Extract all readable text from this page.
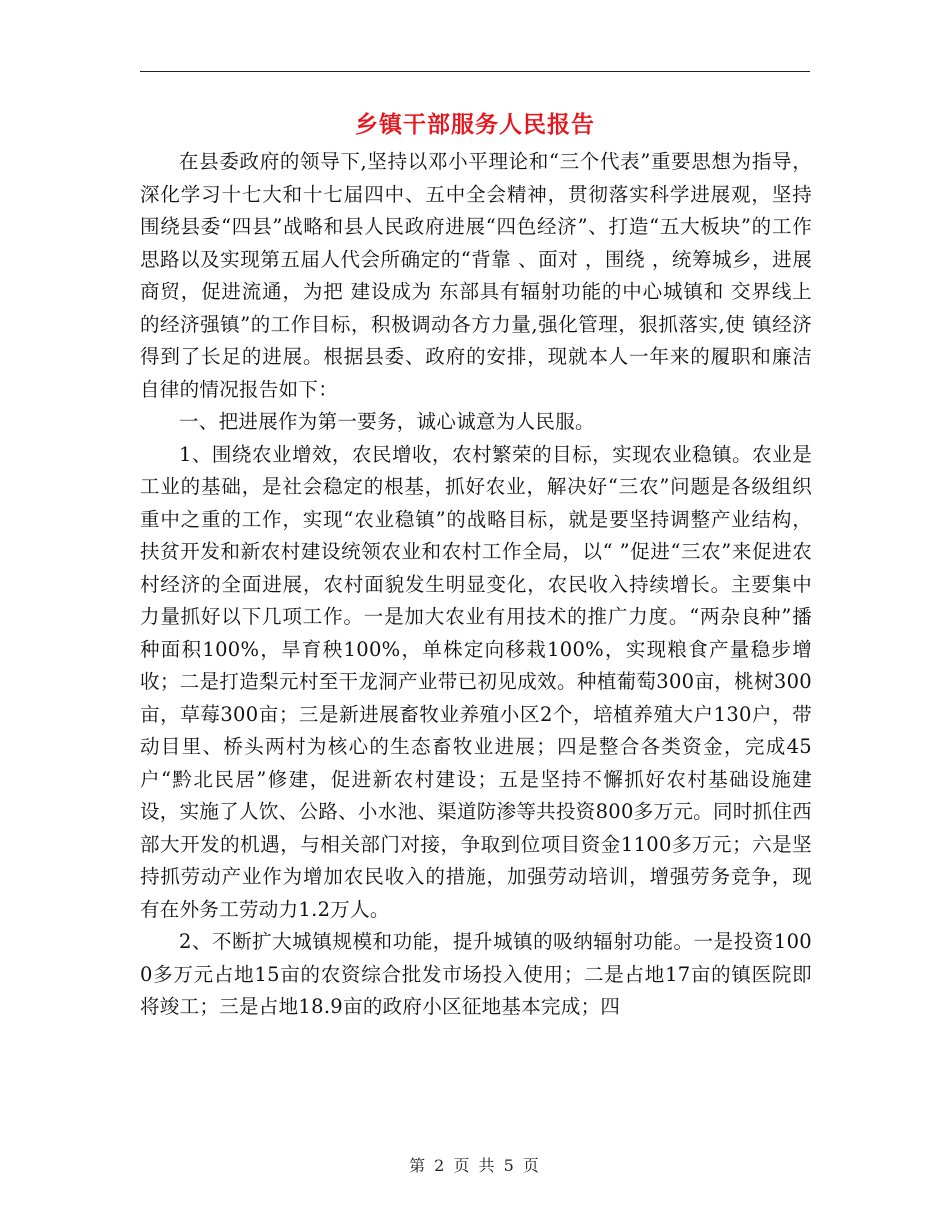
乡镇干部服务人民报告

在县委政府的领导下,坚持以邓小平理论和“三个代表”重要思想为指导，深化学习十七大和十七届四中、五中全会精神，贯彻落实科学进展观，坚持围绕县委“四县”战略和县人民政府进展“四色经济”、打造“五大板块”的工作思路以及实现第五届人代会所确定的“背靠 、面对 ，围绕 ，统筹城乡，进展商贸，促进流通，为把 建设成为 东部具有辐射功能的中心城镇和 交界线上的经济强镇”的工作目标，积极调动各方力量,强化管理，狠抓落实,使 镇经济得到了长足的进展。根据县委、政府的安排，现就本人一年来的履职和廉洁自律的情况报告如下：

一、把进展作为第一要务，诚心诚意为人民服。

1、围绕农业增效，农民增收，农村繁荣的目标，实现农业稳镇。农业是工业的基础，是社会稳定的根基，抓好农业，解决好“三农”问题是各级组织重中之重的工作，实现“农业稳镇”的战略目标，就是要坚持调整产业结构，扶贫开发和新农村建设统领农业和农村工作全局，以“ ”促进“三农”来促进农村经济的全面进展，农村面貌发生明显变化，农民收入持续增长。主要集中力量抓好以下几项工作。一是加大农业有用技术的推广力度。“两杂良种”播种面积100%，旱育秧100%，单株定向移栽100%，实现粮食产量稳步增收；二是打造梨元村至干龙洞产业带已初见成效。种植葡萄300亩，桃树300亩，草莓300亩；三是新进展畜牧业养殖小区2个，培植养殖大户130户，带动目里、桥头两村为核心的生态畜牧业进展；四是整合各类资金，完成45户“黔北民居”修建，促进新农村建设；五是坚持不懈抓好农村基础设施建设，实施了人饮、公路、小水池、渠道防渗等共投资800多万元。同时抓住西部大开发的机遇，与相关部门对接，争取到位项目资金1100多万元；六是坚持抓劳动产业作为增加农民收入的措施，加强劳动培训，增强劳务竞争，现有在外务工劳动力1.2万人。

2、不断扩大城镇规模和功能，提升城镇的吸纳辐射功能。一是投资1000多万元占地15亩的农资综合批发市场投入使用；二是占地17亩的镇医院即将竣工；三是占地18.9亩的政府小区征地基本完成；四

第 2 页 共 5 页
